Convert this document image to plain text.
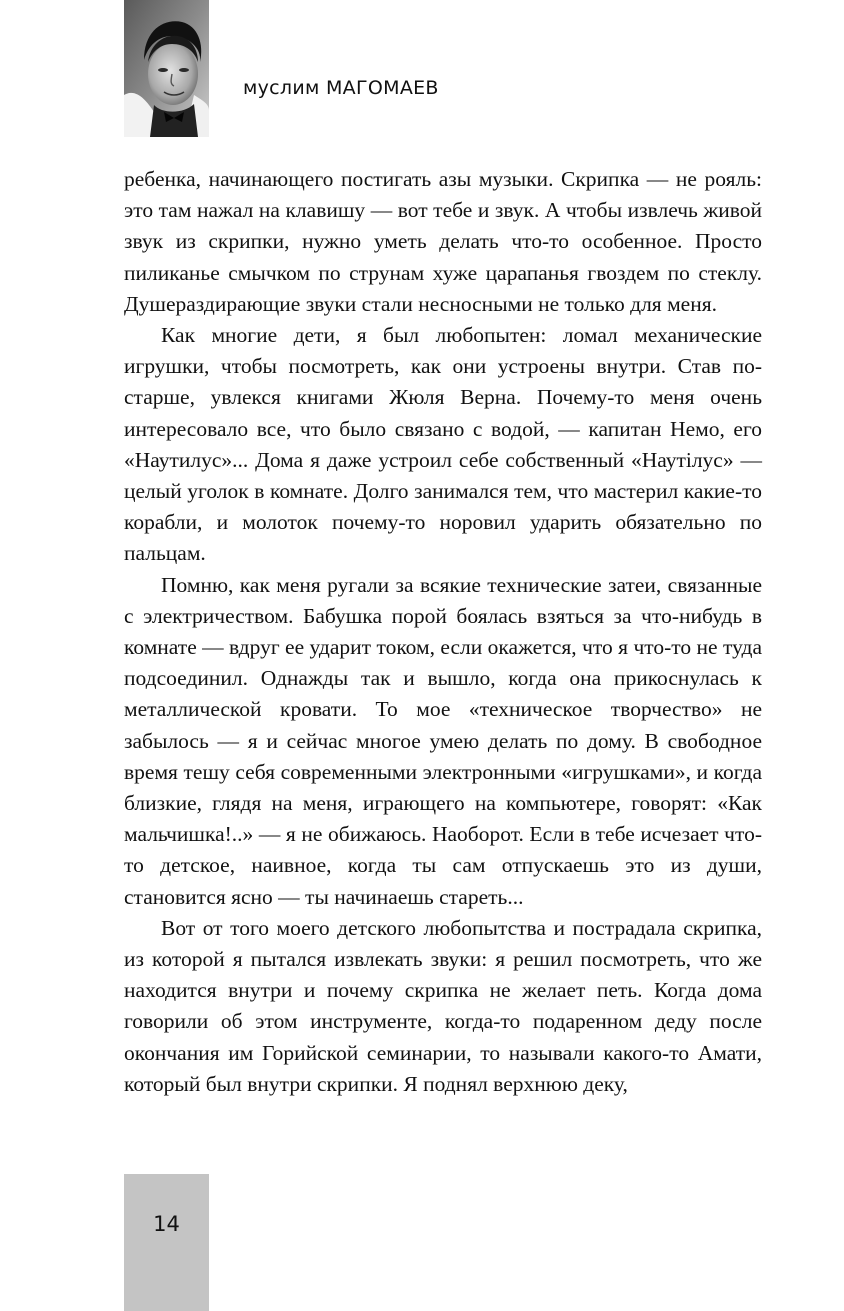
муслим МАГОМАЕВ

ребенка, начинающего постигать азы музыки. Скрипка — не рояль: это там нажал на клавишу — вот тебе и звук. А чтобы извлечь живой звук из скрипки, нужно уметь делать что-то особенное. Просто пиликанье смычком по струнам хуже царапанья гвоздем по стеклу. Душераздирающие звуки стали несносными не только для меня.

Как многие дети, я был любопытен: ломал механические игрушки, чтобы посмотреть, как они устроены внутри. Став постарше, увлекся книгами Жюля Верна. Почему-то меня очень интересовало все, что было связано с водой, — капитан Немо, его «Наутилус»... Дома я даже устроил себе собственный «Наутілус» — целый уголок в комнате. Долго занимался тем, что мастерил какие-то корабли, и молоток почему-то норовил ударить обязательно по пальцам.

Помню, как меня ругали за всякие технические затеи, связанные с электричеством. Бабушка порой боялась взяться за что-нибудь в комнате — вдруг ее ударит током, если окажется, что я что-то не туда подсоединил. Однажды так и вышло, когда она прикоснулась к металлической кровати. То мое «техническое творчество» не забылось — я и сейчас многое умею делать по дому. В свободное время тешу себя современными электронными «игрушками», и когда близкие, глядя на меня, играющего на компьютере, говорят: «Как мальчишка!..» — я не обижаюсь. Наоборот. Если в тебе исчезает что-то детское, наивное, когда ты сам отпускаешь это из души, становится ясно — ты начинаешь стареть...

Вот от того моего детского любопытства и пострадала скрипка, из которой я пытался извлекать звуки: я решил посмотреть, что же находится внутри и почему скрипка не желает петь. Когда дома говорили об этом инструменте, когда-то подаренном деду после окончания им Горийской семинарии, то называли какого-то Амати, который был внутри скрипки. Я поднял верхнюю деку,

14
